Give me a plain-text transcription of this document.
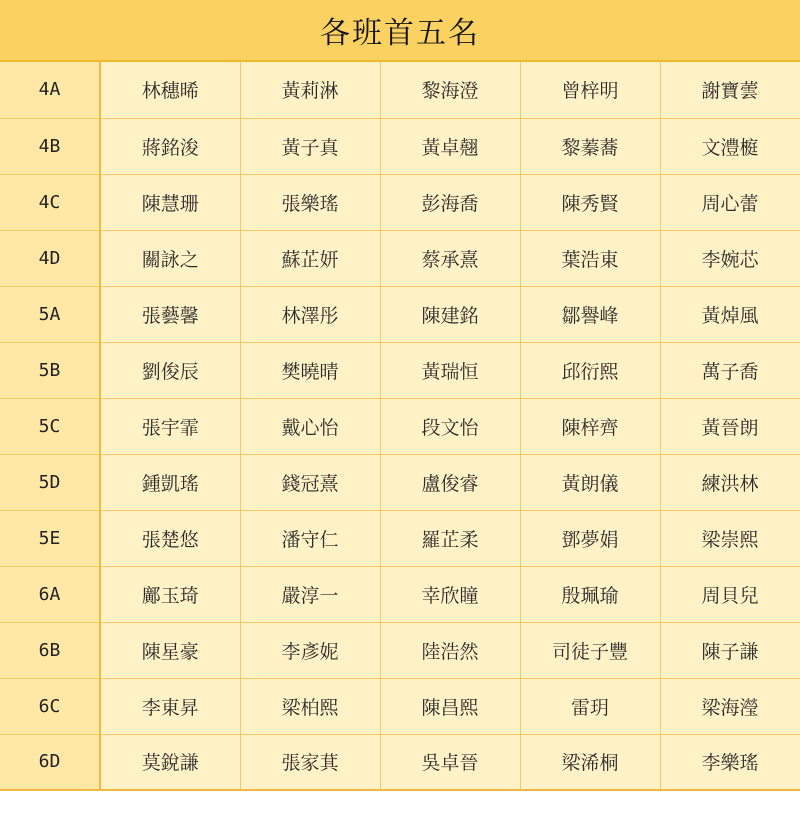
各班首五名
4A	林穗晞	黃莉淋	黎海澄	曾梓明	謝寶蕓
4B	蔣銘浚	黃子真	黃卓翹	黎蓁蕎	文澧榳
4C	陳慧珊	張樂瑤	彭海喬	陳秀賢	周心蕾
4D	關詠之	蘇芷妍	蔡承熹	葉浩東	李婉芯
5A	張藝馨	林澤彤	陳建銘	鄒譽峰	黃焯風
5B	劉俊辰	樊曉晴	黃瑞恒	邱衍熙	萬子喬
5C	張宇霏	戴心怡	段文怡	陳梓齊	黃晉朗
5D	鍾凱瑤	錢冠熹	盧俊睿	黃朗儀	練洪林
5E	張楚悠	潘守仁	羅芷柔	鄧夢娟	梁崇熙
6A	鄺玉琦	嚴淳一	幸欣瞳	殷珮瑜	周貝兒
6B	陳星豪	李彥妮	陸浩然	司徒子豐	陳子謙
6C	李東昇	梁柏熙	陳昌熙	雷玥	梁海瀅
6D	莫銳謙	張家萁	吳卓晉	梁浠桐	李樂瑤
